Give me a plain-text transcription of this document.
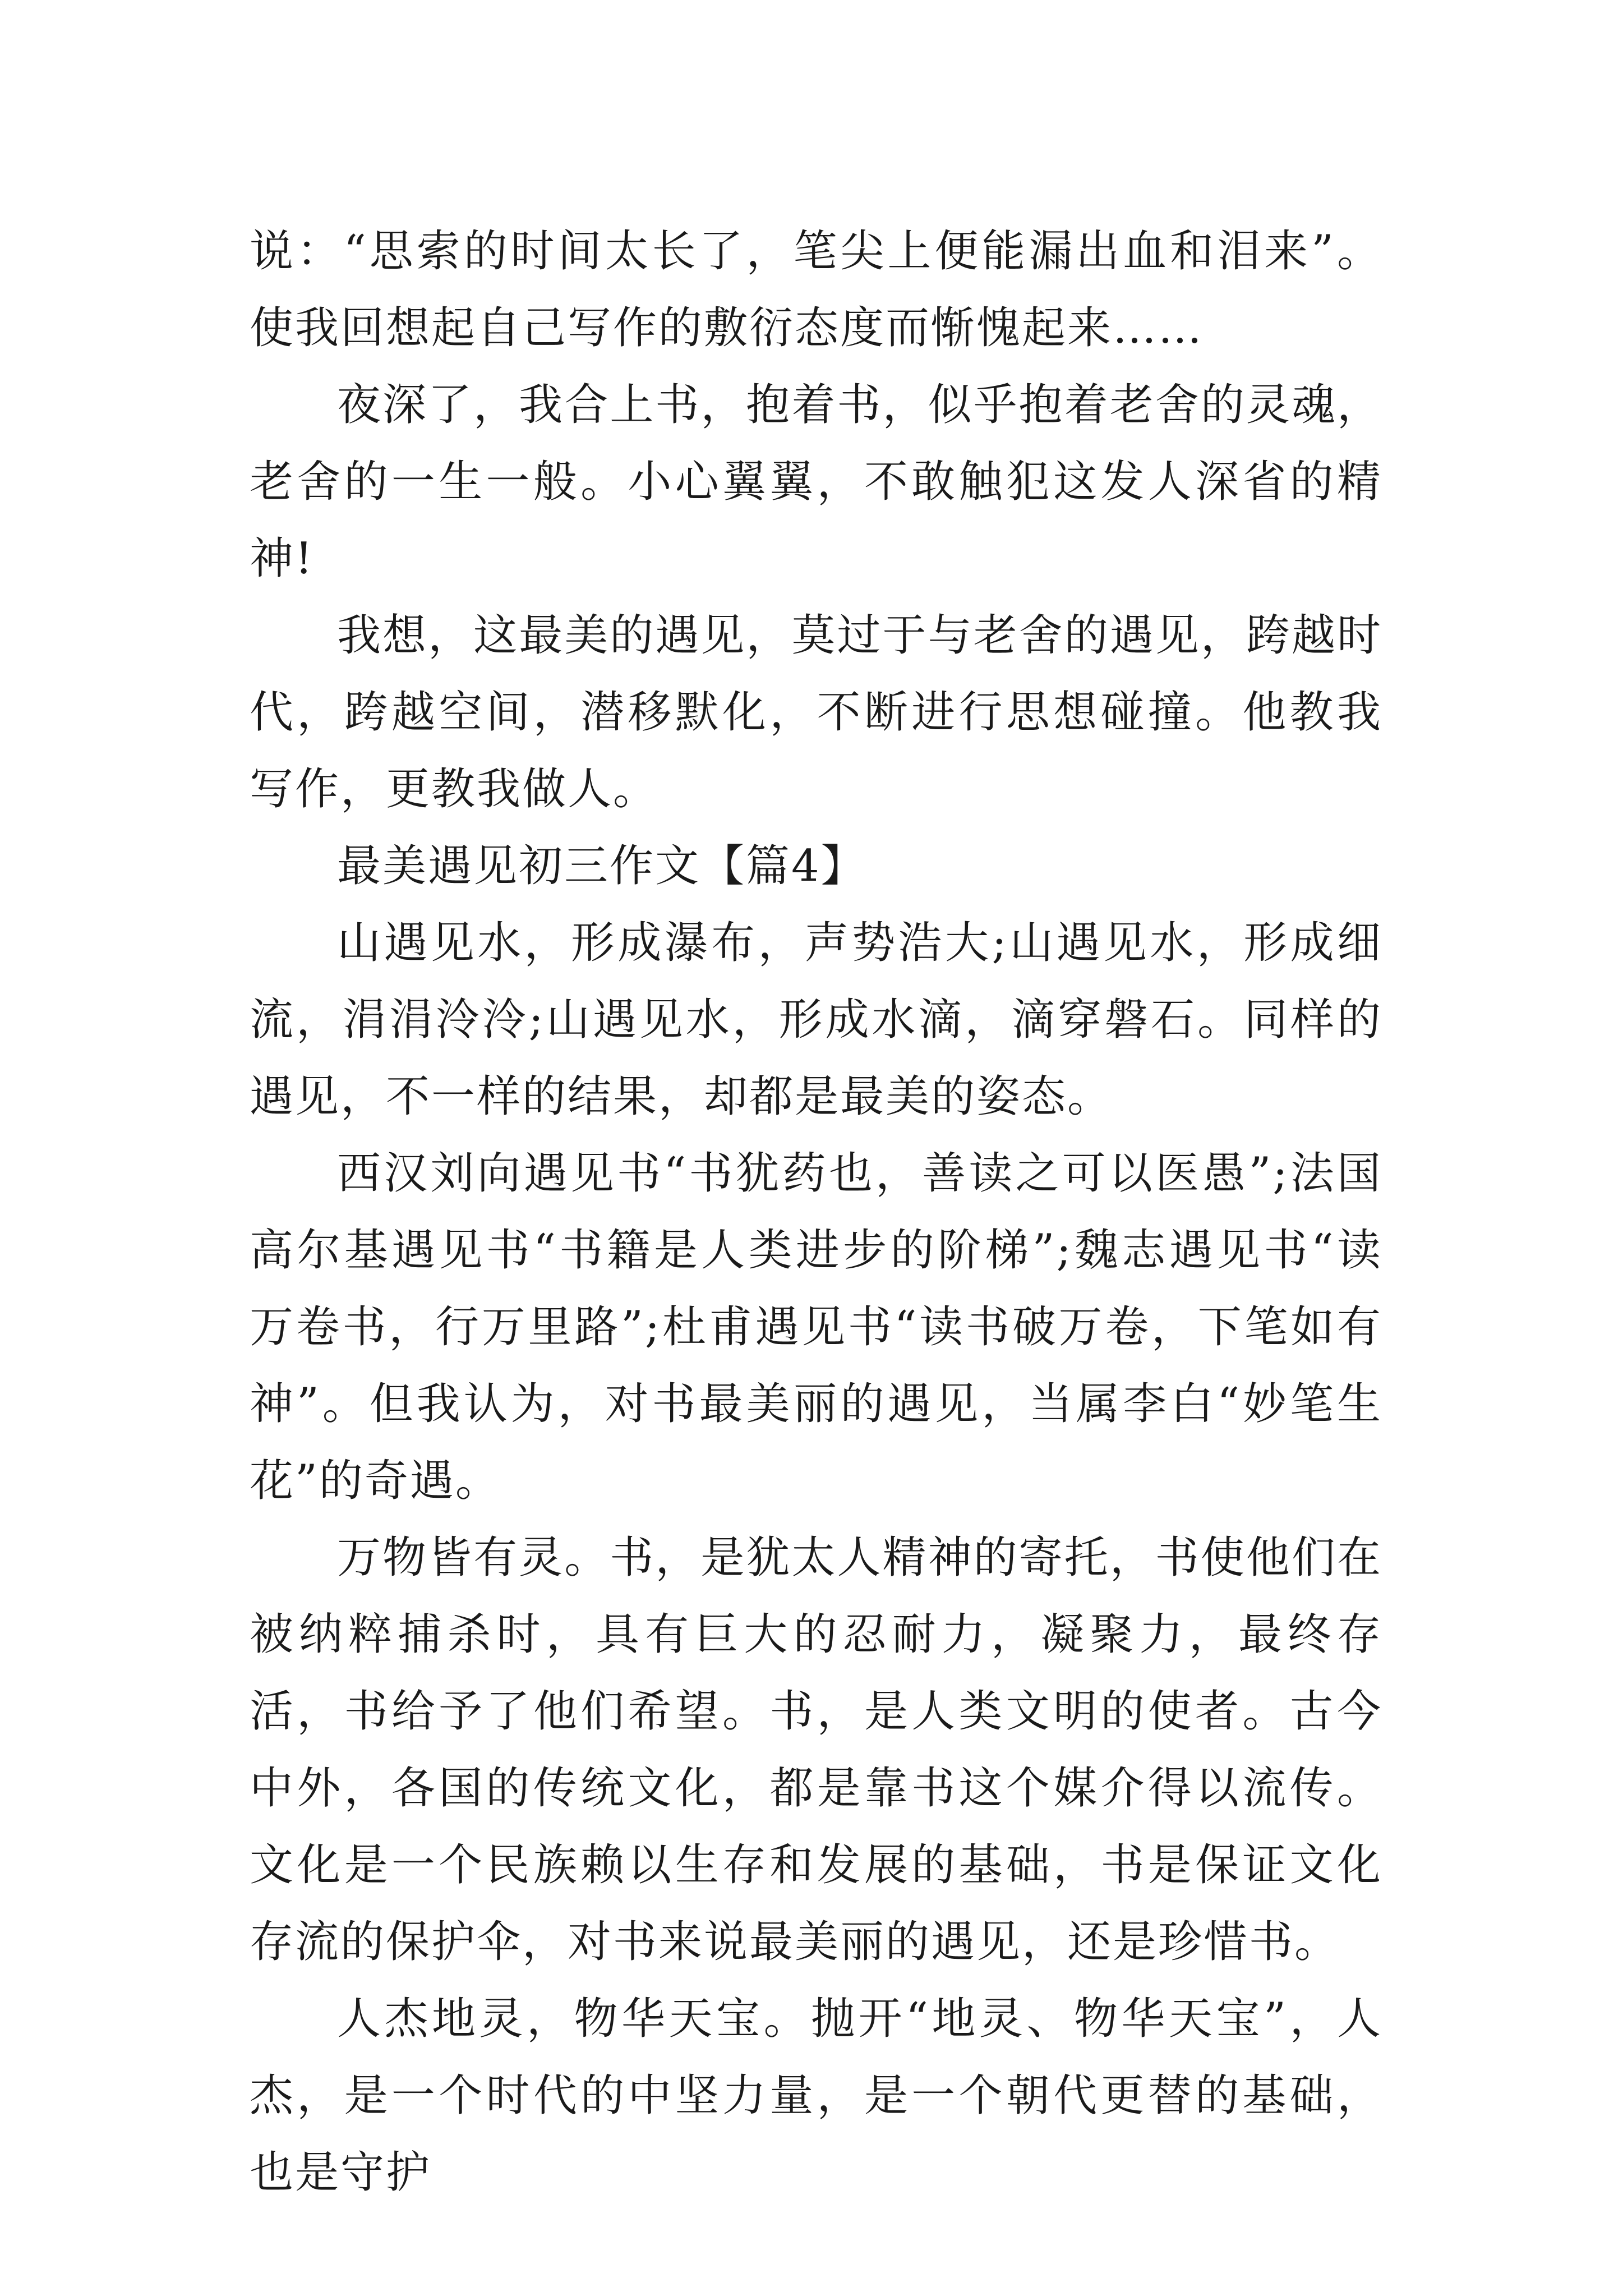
说：“思索的时间太长了，笔尖上便能漏出血和泪来”。使我回想起自己写作的敷衍态度而惭愧起来……

夜深了，我合上书，抱着书，似乎抱着老舍的灵魂，老舍的一生一般。小心翼翼，不敢触犯这发人深省的精神!

我想，这最美的遇见，莫过于与老舍的遇见，跨越时代，跨越空间，潜移默化，不断进行思想碰撞。他教我写作，更教我做人。

最美遇见初三作文【篇4】

山遇见水，形成瀑布，声势浩大;山遇见水，形成细流，涓涓泠泠;山遇见水，形成水滴，滴穿磐石。同样的遇见，不一样的结果，却都是最美的姿态。

西汉刘向遇见书“书犹药也，善读之可以医愚”;法国高尔基遇见书“书籍是人类进步的阶梯”;魏志遇见书“读万卷书，行万里路”;杜甫遇见书“读书破万卷，下笔如有神”。但我认为，对书最美丽的遇见，当属李白“妙笔生花”的奇遇。

万物皆有灵。书，是犹太人精神的寄托，书使他们在被纳粹捕杀时，具有巨大的忍耐力，凝聚力，最终存活，书给予了他们希望。书，是人类文明的使者。古今中外，各国的传统文化，都是靠书这个媒介得以流传。文化是一个民族赖以生存和发展的基础，书是保证文化存流的保护伞，对书来说最美丽的遇见，还是珍惜书。

人杰地灵，物华天宝。抛开“地灵、物华天宝”，人杰，是一个时代的中坚力量，是一个朝代更替的基础，也是守护
